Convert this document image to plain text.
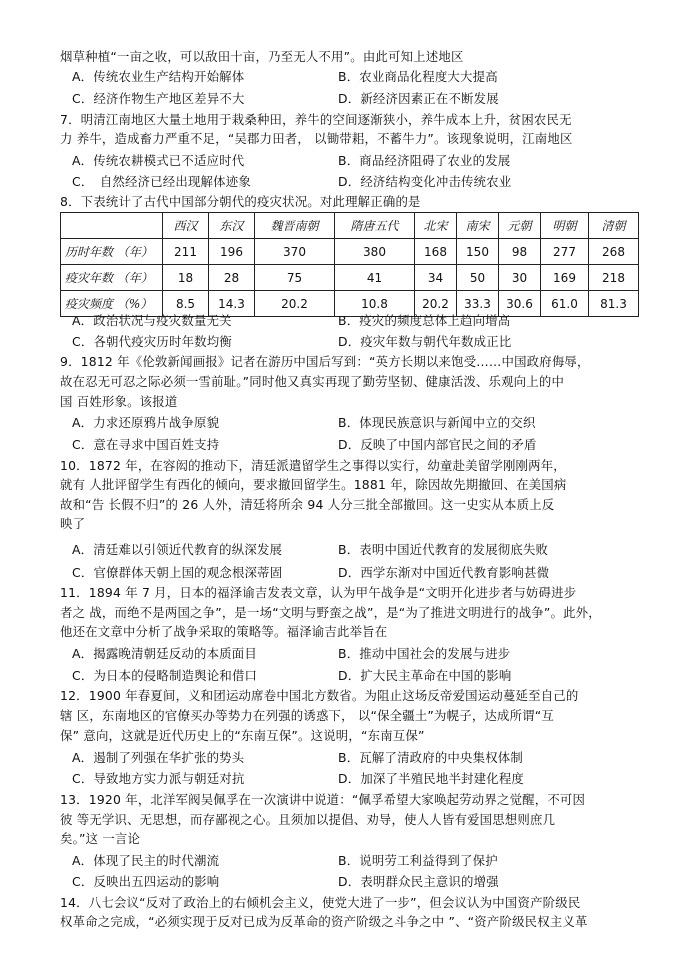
烟草种植“一亩之收，可以敌田十亩，乃至无人不用”。由此可知上述地区
A．传统农业生产结构开始解体	B．农业商品化程度大大提高
C．经济作物生产地区差异不大	D．新经济因素正在不断发展
7．明清江南地区大量土地用于栽桑种田，养牛的空间逐渐狭小，养牛成本上升，贫困农民无
力 养牛，造成畜力严重不足，“吴郡力田者， 以锄带耜，不蓄牛力”。该现象说明，江南地区
A．传统农耕模式已不适应时代	B．商品经济阻碍了农业的发展
C．　自然经济已经出现解体迹象	D．经济结构变化冲击传统农业
8．下表统计了古代中国部分朝代的疫灾状况。对此理解正确的是
	西汉	东汉	魏晋南朝	隋唐五代	北宋	南宋	元朝	明朝	清朝
历时年数 （年）	211	196	370	380	168	150	98	277	268
疫灾年数 （年）	18	28	75	41	34	50	30	169	218
疫灾频度 （%）	8.5	14.3	20.2	10.8	20.2	33.3	30.6	61.0	81.3
A．政治状况与疫灾数量无关	B．疫灾的频度总体上趋向增高
C．各朝代疫灾历时年数均衡	D．疫灾年数与朝代年数成正比
9．1812 年《伦敦新闻画报》记者在游历中国后写到：“英方长期以来饱受……中国政府侮辱，
故在忍无可忍之际必须一雪前耻。”同时他又真实再现了勤劳坚韧、健康活泼、乐观向上的中
国 百姓形象。该报道
A．力求还原鸦片战争原貌	B．体现民族意识与新闻中立的交织
C．意在寻求中国百姓支持	D．反映了中国内部官民之间的矛盾
10．1872 年，在容闳的推动下，清廷派遣留学生之事得以实行，幼童赴美留学刚刚两年，
就有 人批评留学生有西化的倾向，要求撤回留学生。1881 年，除因故先期撤回、在美国病
故和“告 长假不归”的 26 人外，清廷将所余 94 人分三批全部撤回。这一史实从本质上反
映了
A．清廷难以引领近代教育的纵深发展	B．表明中国近代教育的发展彻底失败
C．官僚群体天朝上国的观念根深蒂固	D．西学东渐对中国近代教育影响甚微
11．1894 年 7 月，日本的福泽谕吉发表文章，认为甲午战争是“文明开化进步者与妨碍进步
者之 战，而绝不是两国之争”，是一场“文明与野蛮之战”，是“为了推进文明进行的战争”。此外，
他还在文章中分析了战争采取的策略等。福泽谕吉此举旨在
A．揭露晚清朝廷反动的本质面目	B．推动中国社会的发展与进步
C．为日本的侵略制造舆论和借口	D．扩大民主革命在中国的影响
12．1900 年春夏间，义和团运动席卷中国北方数省。为阻止这场反帝爱国运动蔓延至自己的
辖 区，东南地区的官僚买办等势力在列强的诱惑下， 以“保全疆土”为幌子，达成所谓“互
保” 意向，这就是近代历史上的“东南互保”。这说明，“东南互保”
A．遏制了列强在华扩张的势头	B．瓦解了清政府的中央集权体制
C．导致地方实力派与朝廷对抗	D．加深了半殖民地半封建化程度
13．1920 年，北洋军阀吴佩孚在一次演讲中说道：“佩孚希望大家唤起劳动界之觉醒，不可因
彼 等无学识、无思想，而存鄙视之心。且须加以提倡、劝导，使人人皆有爱国思想则庶几
矣。”这 一言论
A．体现了民主的时代潮流	B．说明劳工利益得到了保护
C．反映出五四运动的影响	D．表明群众民主意识的增强
14．八七会议“反对了政治上的右倾机会主义，使党大进了一步”，但会议认为中国资产阶级民
权革命之完成，“必须实现于反对已成为反革命的资产阶级之斗争之中 ”、“资产阶级民权主义革
